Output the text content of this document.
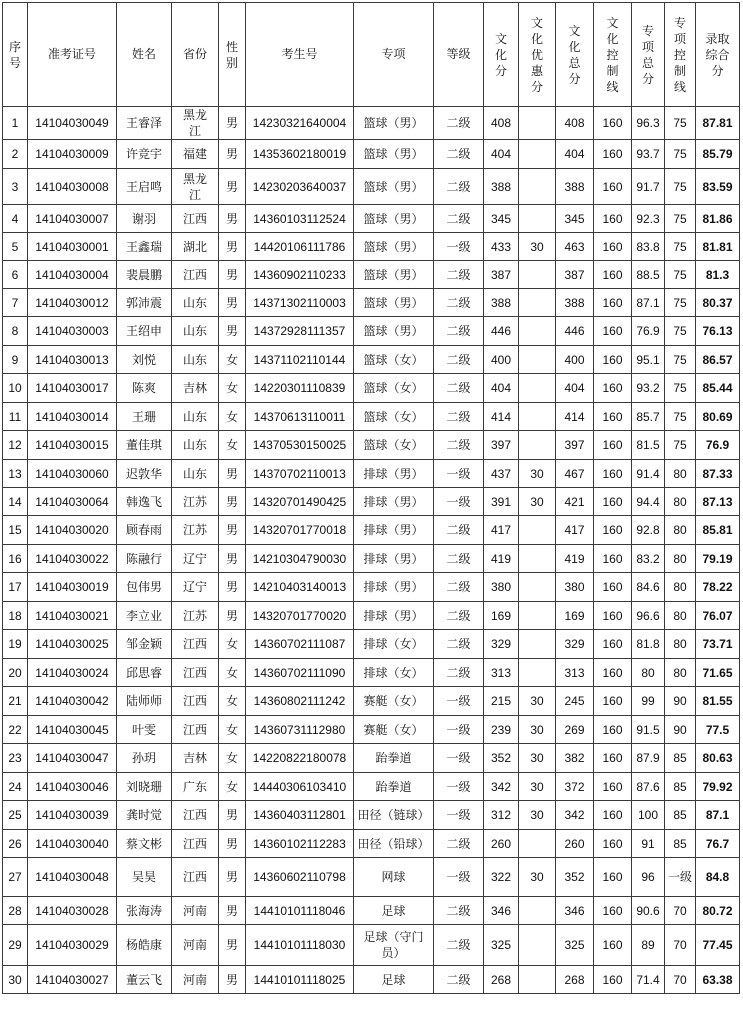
序号	准考证号	姓名	省份	性别	考生号	专项	等级	文化分	文化优惠分	文化总分	文化控制线	专项总分	专项控制线	录取综合分
1	14104030049	王睿泽	黑龙江	男	14230321640004	篮球（男）	二级	408		408	160	96.3	75	87.81
2	14104030009	许竞宇	福建	男	14353602180019	篮球（男）	二级	404		404	160	93.7	75	85.79
3	14104030008	王启鸣	黑龙江	男	14230203640037	篮球（男）	二级	388		388	160	91.7	75	83.59
4	14104030007	谢羽	江西	男	14360103112524	篮球（男）	二级	345		345	160	92.3	75	81.86
5	14104030001	王鑫瑞	湖北	男	14420106111786	篮球（男）	一级	433	30	463	160	83.8	75	81.81
6	14104030004	裴晨鹏	江西	男	14360902110233	篮球（男）	二级	387		387	160	88.5	75	81.3
7	14104030012	郭沛震	山东	男	14371302110003	篮球（男）	二级	388		388	160	87.1	75	80.37
8	14104030003	王绍申	山东	男	14372928111357	篮球（男）	二级	446		446	160	76.9	75	76.13
9	14104030013	刘悦	山东	女	14371102110144	篮球（女）	二级	400		400	160	95.1	75	86.57
10	14104030017	陈爽	吉林	女	14220301110839	篮球（女）	二级	404		404	160	93.2	75	85.44
11	14104030014	王珊	山东	女	14370613110011	篮球（女）	二级	414		414	160	85.7	75	80.69
12	14104030015	董佳琪	山东	女	14370530150025	篮球（女）	二级	397		397	160	81.5	75	76.9
13	14104030060	迟敦华	山东	男	14370702110013	排球（男）	一级	437	30	467	160	91.4	80	87.33
14	14104030064	韩逸飞	江苏	男	14320701490425	排球（男）	一级	391	30	421	160	94.4	80	87.13
15	14104030020	顾春雨	江苏	男	14320701770018	排球（男）	二级	417		417	160	92.8	80	85.81
16	14104030022	陈融行	辽宁	男	14210304790030	排球（男）	二级	419		419	160	83.2	80	79.19
17	14104030019	包伟男	辽宁	男	14210403140013	排球（男）	二级	380		380	160	84.6	80	78.22
18	14104030021	李立业	江苏	男	14320701770020	排球（男）	二级	169		169	160	96.6	80	76.07
19	14104030025	邹金颖	江西	女	14360702111087	排球（女）	二级	329		329	160	81.8	80	73.71
20	14104030024	邱思睿	江西	女	14360702111090	排球（女）	二级	313		313	160	80	80	71.65
21	14104030042	陆师师	江西	女	14360802111242	赛艇（女）	一级	215	30	245	160	99	90	81.55
22	14104030045	叶雯	江西	女	14360731112980	赛艇（女）	一级	239	30	269	160	91.5	90	77.5
23	14104030047	孙玥	吉林	女	14220822180078	跆拳道	一级	352	30	382	160	87.9	85	80.63
24	14104030046	刘晓珊	广东	女	14440306103410	跆拳道	一级	342	30	372	160	87.6	85	79.92
25	14104030039	龚时觉	江西	男	14360403112801	田径（链球）	一级	312	30	342	160	100	85	87.1
26	14104030040	蔡文彬	江西	男	14360102112283	田径（铅球）	二级	260		260	160	91	85	76.7
27	14104030048	吴昊	江西	男	14360602110798	网球	一级	322	30	352	160	96	一级	84.8
28	14104030028	张海涛	河南	男	14410101118046	足球	二级	346		346	160	90.6	70	80.72
29	14104030029	杨皓康	河南	男	14410101118030	足球（守门员）	二级	325		325	160	89	70	77.45
30	14104030027	董云飞	河南	男	14410101118025	足球	二级	268		268	160	71.4	70	63.38
